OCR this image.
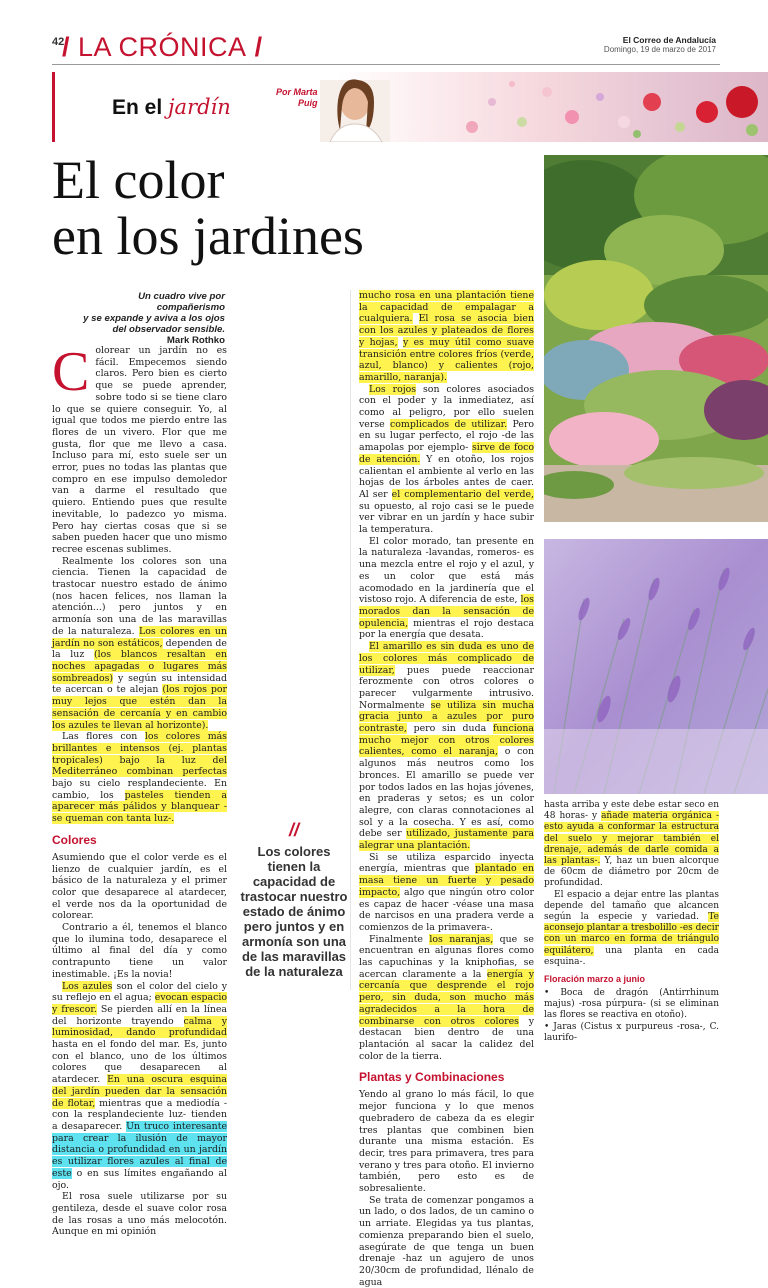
42
/ LA CRÓNICA /	El Correo de Andalucía
Domingo, 19 de marzo de 2017
En el jardín
Por Marta
Puig
El color
en los jardines
Un cuadro vive por compañerismo
y se expande y aviva a los ojos
del observador sensible.
Mark Rothko

Colorear un jardín no es fácil. Empecemos siendo claros. Pero bien es cierto que se puede aprender, sobre todo si se tiene claro lo que se quiere conseguir. Yo, al igual que todos me pierdo entre las flores de un vivero. Flor que me gusta, flor que me llevo a casa. Incluso para mí, esto suele ser un error, pues no todas las plantas que compro en ese impulso demoledor van a darme el resultado que quiero. Entiendo pues que resulte inevitable, lo padezco yo misma. Pero hay ciertas cosas que si se saben pueden hacer que uno mismo recree escenas sublimes.

Realmente los colores son una ciencia. Tienen la capacidad de trastocar nuestro estado de ánimo (nos hacen felices, nos llaman la atención...) pero juntos y en armonía son una de las maravillas de la naturaleza. Los colores en un jardín no son estáticos, dependen de la luz (los blancos resaltan en noches apagadas o lugares más sombreados) y según su intensidad te acercan o te alejan (los rojos por muy lejos que estén dan la sensación de cercanía y en cambio los azules te llevan al horizonte).

Las flores con los colores más brillantes e intensos (ej. plantas tropicales) bajo la luz del Mediterráneo combinan perfectas bajo su cielo resplandeciente. En cambio, los pasteles tienden a aparecer más pálidos y blanquear -se queman con tanta luz-.

Colores

Asumiendo que el color verde es el lienzo de cualquier jardín, es el básico de la naturaleza y el primer color que desaparece al atardecer, el verde nos da la oportunidad de colorear.

Contrario a él, tenemos el blanco que lo ilumina todo, desaparece el último al final del día y como contrapunto tiene un valor inestimable. ¡Es la novia!

Los azules son el color del cielo y su reflejo en el agua; evocan espacio y frescor. Se pierden allí en la línea del horizonte trayendo calma y luminosidad, dando profundidad hasta en el fondo del mar. Es, junto con el blanco, uno de los últimos colores que desaparecen al atardecer. En una oscura esquina del jardín pueden dar la sensación de flotar, mientras que a mediodía -con la resplandeciente luz- tienden a desaparecer. Un truco interesante para crear la ilusión de mayor distancia o profundidad en un jardín es utilizar flores azules al final de este o en sus límites engañando al ojo.

El rosa suele utilizarse por su gentileza, desde el suave color rosa de las rosas a uno más melocotón. Aunque en mi opinión

//
Los colores tienen la capacidad de trastocar nuestro estado de ánimo pero juntos y en armonía son una de las maravillas de la naturaleza

mucho rosa en una plantación tiene la capacidad de empalagar a cualquiera. El rosa se asocia bien con los azules y plateados de flores y hojas, y es muy útil como suave transición entre colores fríos (verde, azul, blanco) y calientes (rojo, amarillo, naranja).

Los rojos son colores asociados con el poder y la inmediatez, así como al peligro, por ello suelen verse complicados de utilizar. Pero en su lugar perfecto, el rojo -de las amapolas por ejemplo- sirve de foco de atención. Y en otoño, los rojos calientan el ambiente al verlo en las hojas de los árboles antes de caer. Al ser el complementario del verde, su opuesto, al rojo casi se le puede ver vibrar en un jardín y hace subir la temperatura.

El color morado, tan presente en la naturaleza -lavandas, romeros- es una mezcla entre el rojo y el azul, y es un color que está más acomodado en la jardinería que el vistoso rojo. A diferencia de este, los morados dan la sensación de opulencia, mientras el rojo destaca por la energía que desata.

El amarillo es sin duda es uno de los colores más complicado de utilizar, pues puede reaccionar ferozmente con otros colores o parecer vulgarmente intrusivo. Normalmente se utiliza sin mucha gracia junto a azules por puro contraste, pero sin duda funciona mucho mejor con otros colores calientes, como el naranja, o con algunos más neutros como los bronces. El amarillo se puede ver por todos lados en las hojas jóvenes, en praderas y setos; es un color alegre, con claras connotaciones al sol y a la cosecha. Y es así, como debe ser utilizado, justamente para alegrar una plantación.

Si se utiliza esparcido inyecta energía, mientras que plantado en masa tiene un fuerte y pesado impacto, algo que ningún otro color es capaz de hacer -véase una masa de narcisos en una pradera verde a comienzos de la primavera-.

Finalmente los naranjas, que se encuentran en algunas flores como las capuchinas y la kniphofias, se acercan claramente a la energía y cercanía que desprende el rojo pero, sin duda, son mucho más agradecidos a la hora de combinarse con otros colores y destacan bien dentro de una plantación al sacar la calidez del color de la tierra.

Plantas y Combinaciones

Yendo al grano lo más fácil, lo que mejor funciona y lo que menos quebradero de cabeza da es elegir tres plantas que combinen bien durante una misma estación. Es decir, tres para primavera, tres para verano y tres para otoño. El invierno también, pero esto es de sobresaliente.

Se trata de comenzar pongamos a un lado, o dos lados, de un camino o un arriate. Elegidas ya tus plantas, comienza preparando bien el suelo, asegúrate de que tenga un buen drenaje -haz un agujero de unos 20/30cm de profundidad, llénalo de agua

hasta arriba y este debe estar seco en 48 horas- y añade materia orgánica -esto ayuda a conformar la estructura del suelo y mejorar también el drenaje, además de darle comida a las plantas-. Y, haz un buen alcorque de 60cm de diámetro por 20cm de profundidad.

El espacio a dejar entre las plantas depende del tamaño que alcancen según la especie y variedad. Te aconsejo plantar a tresbolillo -es decir con un marco en forma de triángulo equilátero, una planta en cada esquina-.

Floración marzo a junio

• Boca de dragón (Antirrhinum majus) -rosa púrpura- (si se eliminan las flores se reactiva en otoño).

• Jaras (Cistus x purpureus -rosa-, C. laurifo-
